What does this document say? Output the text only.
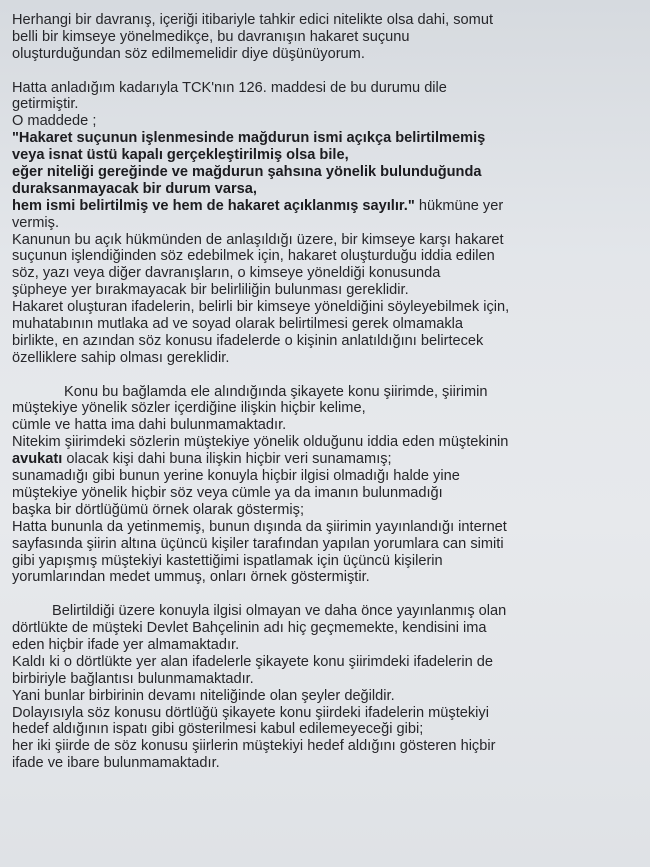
Herhangi bir davranış, içeriği itibariyle tahkir edici nitelikte olsa dahi, somut
belli bir kimseye yönelmedikçe, bu davranışın hakaret suçunu
oluşturduğundan söz edilmemelidir diye düşünüyorum.
Hatta anladığım kadarıyla TCK'nın 126. maddesi de bu durumu dile
getirmiştir.
O maddede ;
"Hakaret suçunun işlenmesinde mağdurun ismi açıkça belirtilmemiş
veya isnat üstü kapalı gerçekleştirilmiş olsa bile,
eğer niteliği gereğinde ve mağdurun şahsına yönelik bulunduğunda
duraksanmayacak bir durum varsa,
hem ismi belirtilmiş ve hem de hakaret açıklanmış sayılır." hükmüne yer
vermiş.
Kanunun bu açık hükmünden de anlaşıldığı üzere, bir kimseye karşı hakaret
suçunun işlendiğinden söz edebilmek için, hakaret oluşturduğu iddia edilen
söz, yazı veya diğer davranışların, o kimseye yöneldiği konusunda
şüpheye yer bırakmayacak bir belirliliğin bulunması gereklidir.
Hakaret oluşturan ifadelerin, belirli bir kimseye yöneldiğini söyleyebilmek için,
muhatabının mutlaka ad ve soyad olarak belirtilmesi gerek olmamakla
birlikte, en azından söz konusu ifadelerde o kişinin anlatıldığını belirtecek
özelliklere sahip olması gereklidir.
Konu bu bağlamda ele alındığında şikayete konu şiirimde, şiirimin
müştekiye yönelik sözler içerdiğine ilişkin hiçbir kelime,
cümle ve hatta ima dahi bulunmamaktadır.
Nitekim şiirimdeki sözlerin müştekiye yönelik olduğunu iddia eden müştekinin
avukatı olacak kişi dahi buna ilişkin hiçbir veri sunamamış;
sunamadığı gibi bunun yerine konuyla hiçbir ilgisi olmadığı halde yine
müştekiye yönelik hiçbir söz veya cümle ya da imanın bulunmadığı
başka bir dörtlüğümü örnek olarak göstermiş;
Hatta bununla da yetinmemiş, bunun dışında da şiirimin yayınlandığı internet
sayfasında şiirin altına üçüncü kişiler tarafından yapılan yorumlara can simiti
gibi yapışmış müştekiyi kastettiğimi ispatlamak için üçüncü kişilerin
yorumlarından medet ummuş, onları örnek göstermiştir.
Belirtildiği üzere konuyla ilgisi olmayan ve daha önce yayınlanmış olan
dörtlükte de müşteki Devlet Bahçelinin adı hiç geçmemekte, kendisini ima
eden hiçbir ifade yer almamaktadır.
Kaldı ki o dörtlükte yer alan ifadelerle şikayete konu şiirimdeki ifadelerin de
birbiriyle bağlantısı bulunmamaktadır.
Yani bunlar birbirinin devamı niteliğinde olan şeyler değildir.
Dolayısıyla söz konusu dörtlüğü şikayete konu şiirdeki ifadelerin müştekiyi
hedef aldığının ispatı gibi gösterilmesi kabul edilemeyeceği gibi;
her iki şiirde de söz konusu şiirlerin müştekiyi hedef aldığını gösteren hiçbir
ifade ve ibare bulunmamaktadır.
